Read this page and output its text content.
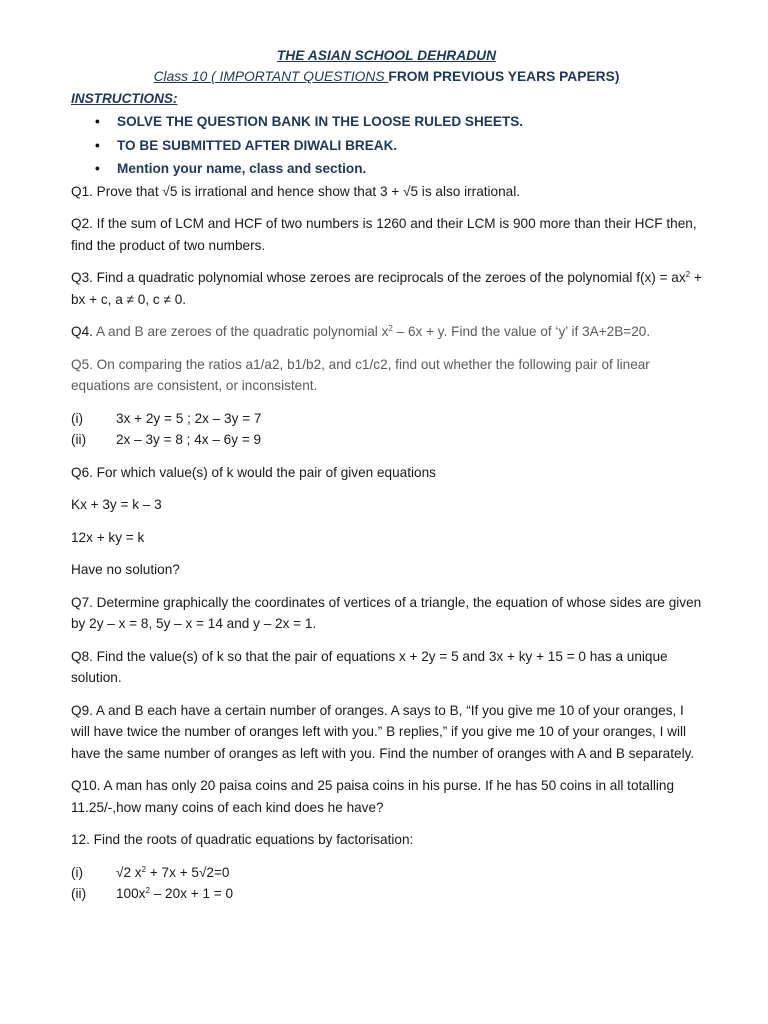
THE ASIAN SCHOOL DEHRADUN
Class 10 ( IMPORTANT QUESTIONS FROM PREVIOUS YEARS PAPERS)
INSTRUCTIONS:
• SOLVE THE QUESTION BANK IN THE LOOSE RULED SHEETS.
• TO BE SUBMITTED AFTER DIWALI BREAK.
• Mention your name, class and section.
Q1. Prove that √5 is irrational and hence show that 3 + √5 is also irrational.
Q2. If the sum of LCM and HCF of two numbers is 1260 and their LCM is 900 more than their HCF then, find the product of two numbers.
Q3. Find a quadratic polynomial whose zeroes are reciprocals of the zeroes of the polynomial $f(x) = ax^2$ + bx + c, a ≠ 0, c ≠ 0.
Q4. A and B are zeroes of the quadratic polynomial $x^2 - 6x + y$. Find the value of ‘y’ if 3A+2B=20.
Q5. On comparing the ratios a1/a2, b1/b2, and c1/c2, find out whether the following pair of linear equations are consistent, or inconsistent.
(i)	3x + 2y = 5 ; 2x – 3y = 7
(ii)	2x – 3y = 8 ; 4x – 6y = 9
Q6. For which value(s) of k would the pair of given equations
Kx + 3y = k – 3
12x + ky = k
Have no solution?
Q7. Determine graphically the coordinates of vertices of a triangle, the equation of whose sides are given by 2y – x = 8, 5y – x = 14 and y – 2x = 1.
Q8. Find the value(s) of k so that the pair of equations x + 2y = 5 and 3x + ky + 15 = 0 has a unique solution.
Q9. A and B each have a certain number of oranges. A says to B, “If you give me 10 of your oranges, I will have twice the number of oranges left with you.” B replies,” if you give me 10 of your oranges, I will have the same number of oranges as left with you. Find the number of oranges with A and B separately.
Q10. A man has only 20 paisa coins and 25 paisa coins in his purse. If he has 50 coins in all totalling 11.25/-,how many coins of each kind does he have?
12. Find the roots of quadratic equations by factorisation:
(i)	√2 $x^2 + 7x + 5√2=0$
(ii)	$100x^2 - 20x + 1 = 0$
